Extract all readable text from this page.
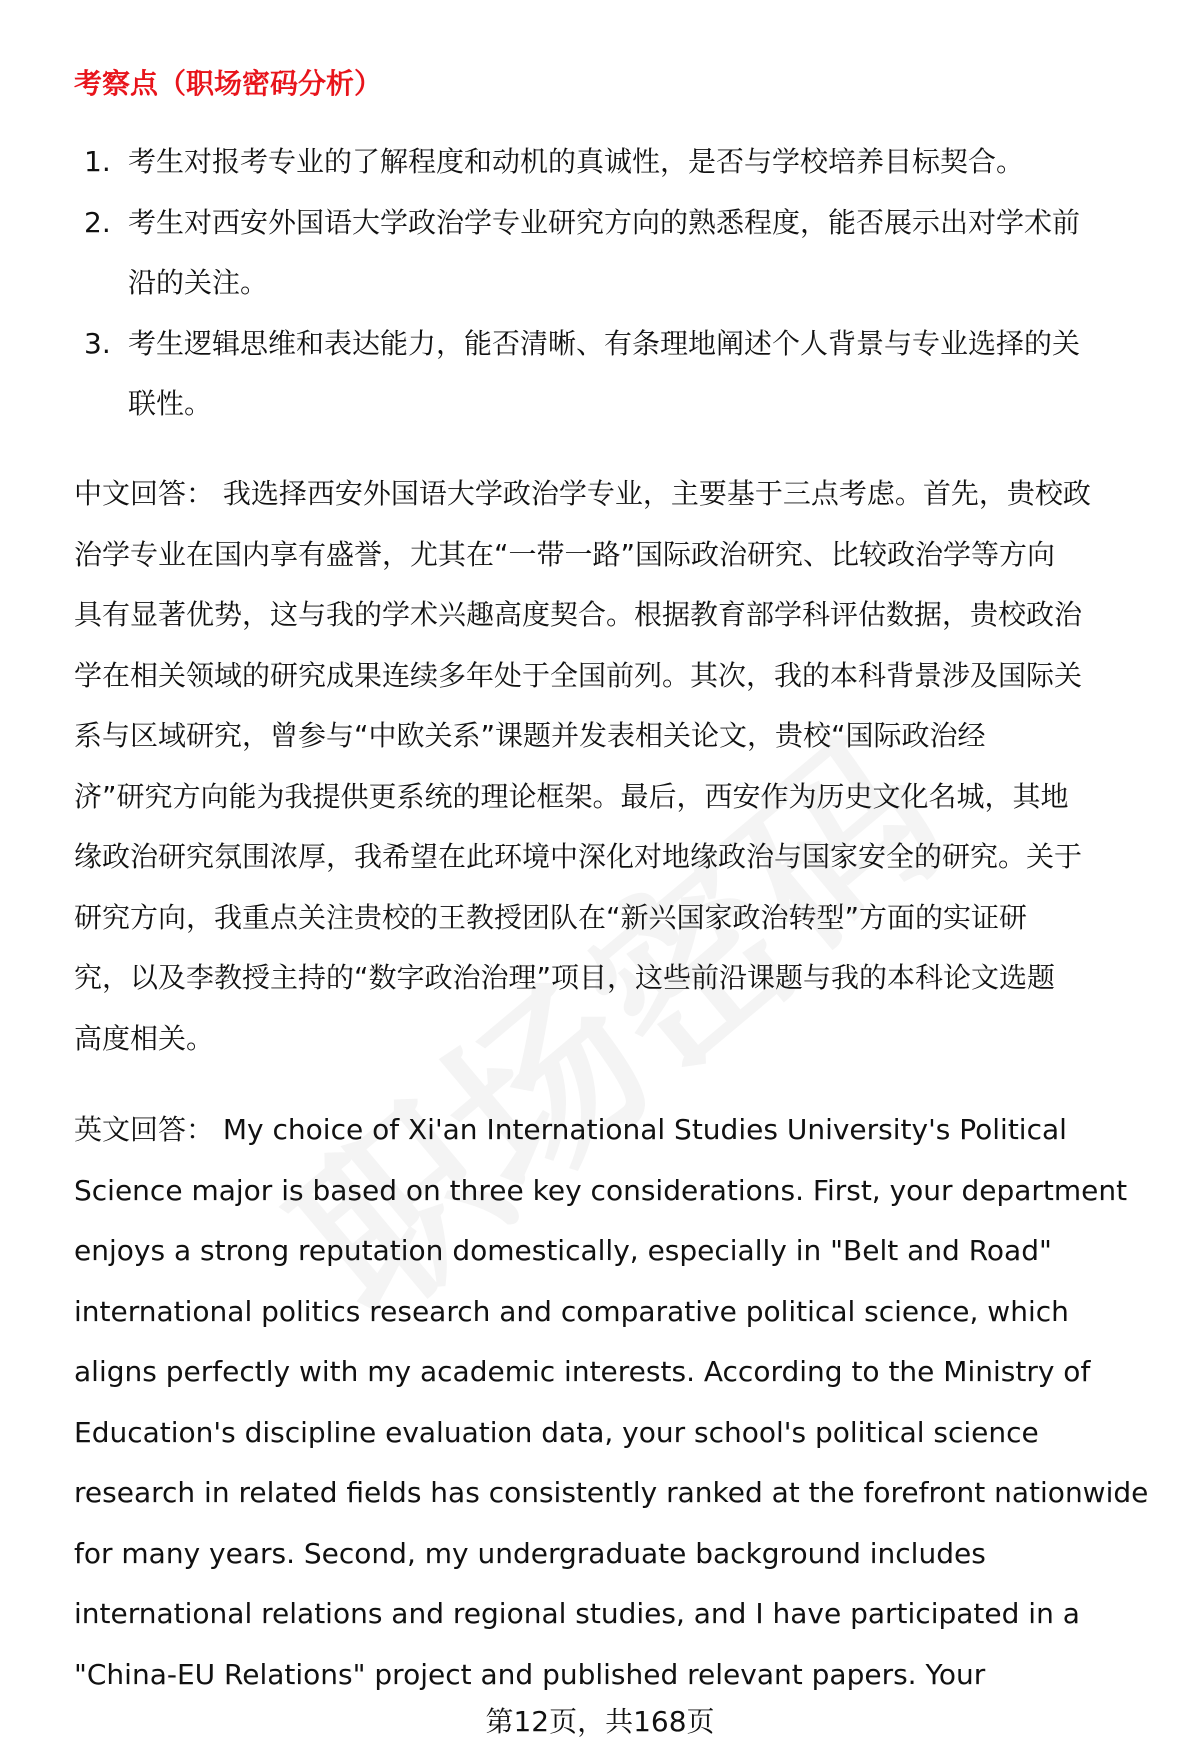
考察点（职场密码分析）
1. 考生对报考专业的了解程度和动机的真诚性，是否与学校培养目标契合。
2. 考生对西安外国语大学政治学专业研究方向的熟悉程度，能否展示出对学术前
沿的关注。
3. 考生逻辑思维和表达能力，能否清晰、有条理地阐述个人背景与专业选择的关
联性。
中文回答： 我选择西安外国语大学政治学专业，主要基于三点考虑。首先，贵校政
治学专业在国内享有盛誉，尤其在“一带一路”国际政治研究、比较政治学等方向
具有显著优势，这与我的学术兴趣高度契合。根据教育部学科评估数据，贵校政治
学在相关领域的研究成果连续多年处于全国前列。其次，我的本科背景涉及国际关
系与区域研究，曾参与“中欧关系”课题并发表相关论文，贵校“国际政治经
济”研究方向能为我提供更系统的理论框架。最后，西安作为历史文化名城，其地
缘政治研究氛围浓厚，我希望在此环境中深化对地缘政治与国家安全的研究。关于
研究方向，我重点关注贵校的王教授团队在“新兴国家政治转型”方面的实证研
究，以及李教授主持的“数字政治治理”项目，这些前沿课题与我的本科论文选题
高度相关。
英文回答： My choice of Xi'an International Studies University's Political
Science major is based on three key considerations. First, your department
enjoys a strong reputation domestically, especially in "Belt and Road"
international politics research and comparative political science, which
aligns perfectly with my academic interests. According to the Ministry of
Education's discipline evaluation data, your school's political science
research in related fields has consistently ranked at the forefront nationwide
for many years. Second, my undergraduate background includes
international relations and regional studies, and I have participated in a
"China-EU Relations" project and published relevant papers. Your
第12页，共168页
